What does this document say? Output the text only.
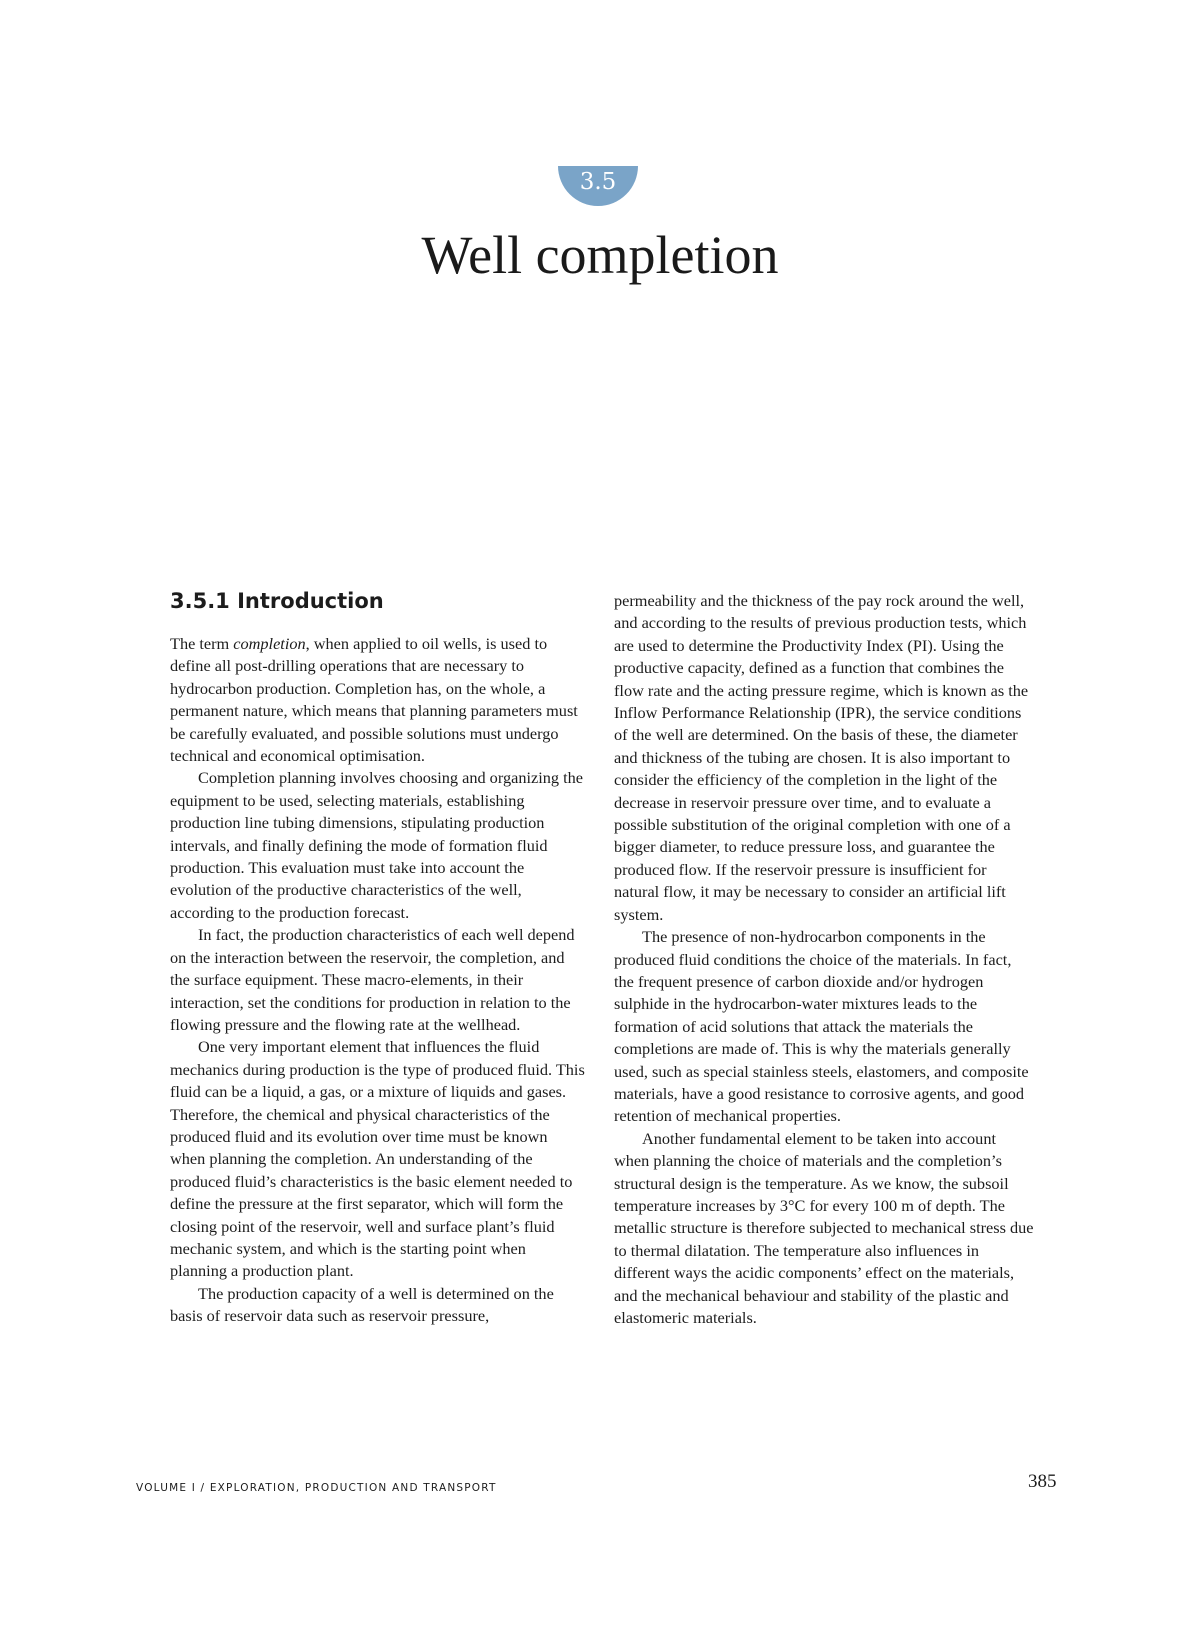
3.5
Well completion
3.5.1 Introduction

The term completion, when applied to oil wells, is used to define all post-drilling operations that are necessary to hydrocarbon production. Completion has, on the whole, a permanent nature, which means that planning parameters must be carefully evaluated, and possible solutions must undergo technical and economical optimisation.

Completion planning involves choosing and organizing the equipment to be used, selecting materials, establishing production line tubing dimensions, stipulating production intervals, and finally defining the mode of formation fluid production. This evaluation must take into account the evolution of the productive characteristics of the well, according to the production forecast.

In fact, the production characteristics of each well depend on the interaction between the reservoir, the completion, and the surface equipment. These macro-elements, in their interaction, set the conditions for production in relation to the flowing pressure and the flowing rate at the wellhead.

One very important element that influences the fluid mechanics during production is the type of produced fluid. This fluid can be a liquid, a gas, or a mixture of liquids and gases. Therefore, the chemical and physical characteristics of the produced fluid and its evolution over time must be known when planning the completion. An understanding of the produced fluid’s characteristics is the basic element needed to define the pressure at the first separator, which will form the closing point of the reservoir, well and surface plant’s fluid mechanic system, and which is the starting point when planning a production plant.

The production capacity of a well is determined on the basis of reservoir data such as reservoir pressure,

permeability and the thickness of the pay rock around the well, and according to the results of previous production tests, which are used to determine the Productivity Index (PI). Using the productive capacity, defined as a function that combines the flow rate and the acting pressure regime, which is known as the Inflow Performance Relationship (IPR), the service conditions of the well are determined. On the basis of these, the diameter and thickness of the tubing are chosen. It is also important to consider the efficiency of the completion in the light of the decrease in reservoir pressure over time, and to evaluate a possible substitution of the original completion with one of a bigger diameter, to reduce pressure loss, and guarantee the produced flow. If the reservoir pressure is insufficient for natural flow, it may be necessary to consider an artificial lift system.

The presence of non-hydrocarbon components in the produced fluid conditions the choice of the materials. In fact, the frequent presence of carbon dioxide and/or hydrogen sulphide in the hydrocarbon-water mixtures leads to the formation of acid solutions that attack the materials the completions are made of. This is why the materials generally used, such as special stainless steels, elastomers, and composite materials, have a good resistance to corrosive agents, and good retention of mechanical properties.

Another fundamental element to be taken into account when planning the choice of materials and the completion’s structural design is the temperature. As we know, the subsoil temperature increases by 3°C for every 100 m of depth. The metallic structure is therefore subjected to mechanical stress due to thermal dilatation. The temperature also influences in different ways the acidic components’ effect on the materials, and the mechanical behaviour and stability of the plastic and elastomeric materials.

VOLUME I / EXPLORATION, PRODUCTION AND TRANSPORT	385
